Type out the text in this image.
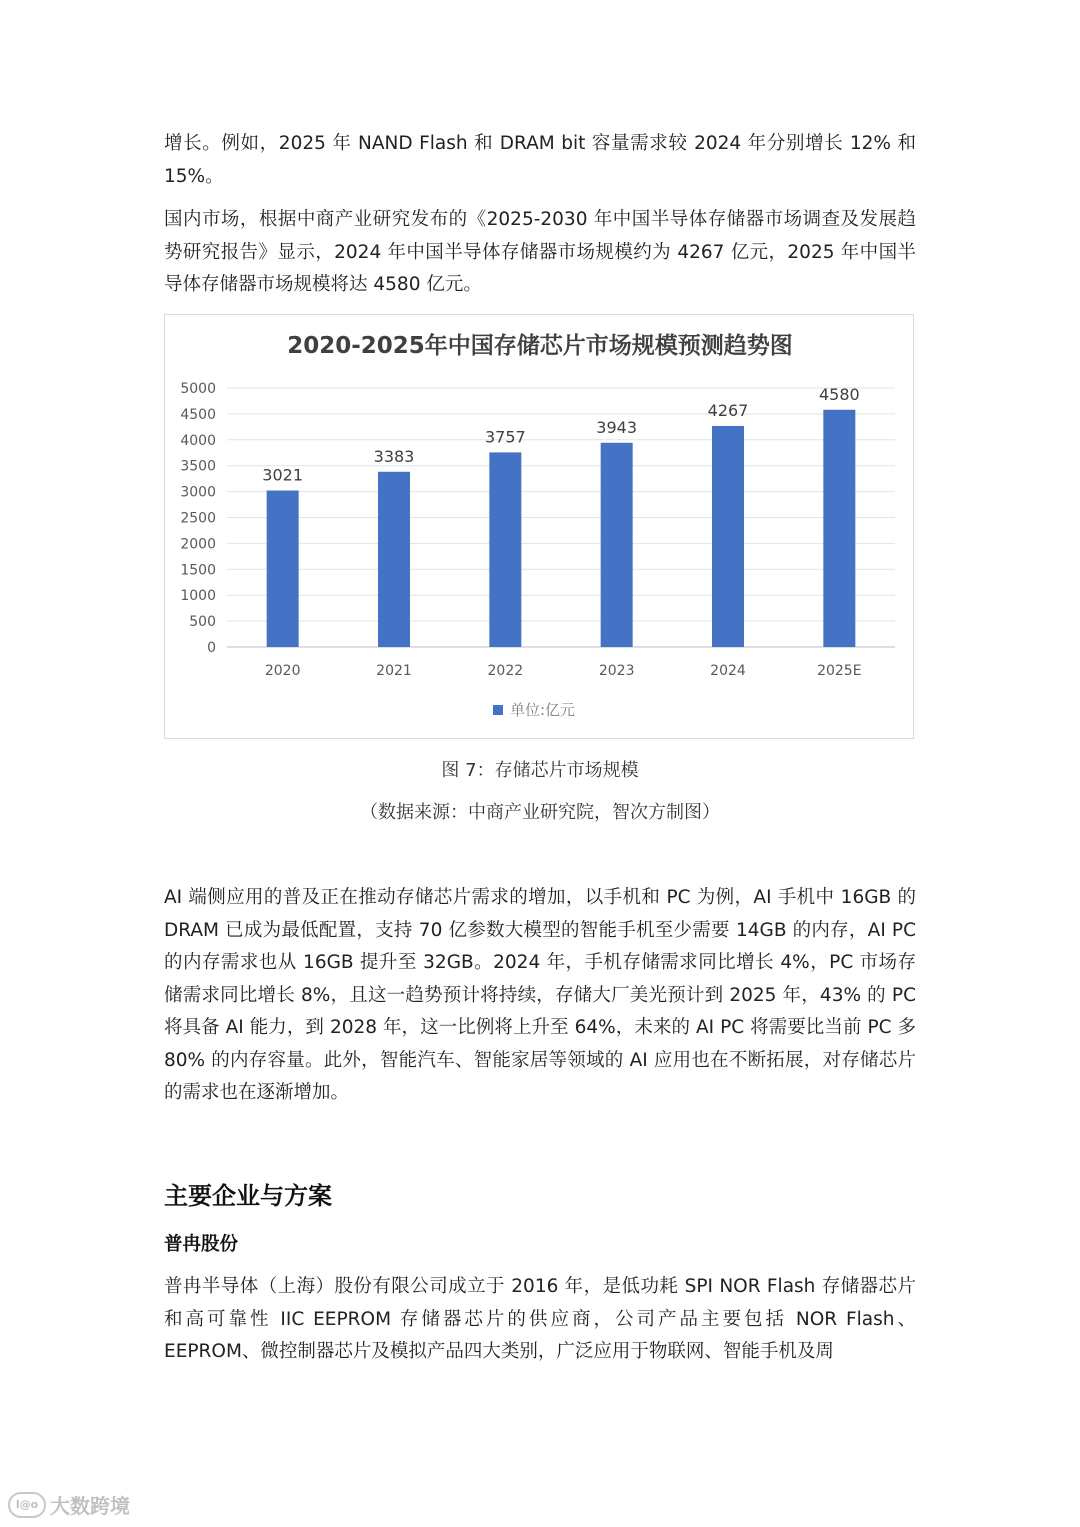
增长。例如，2025 年 NAND Flash 和 DRAM bit 容量需求较 2024 年分别增长 12% 和 15%。

国内市场，根据中商产业研究发布的《2025-2030 年中国半导体存储器市场调查及发展趋势研究报告》显示，2024 年中国半导体存储器市场规模约为 4267 亿元，2025 年中国半导体存储器市场规模将达 4580 亿元。

2020-2025年中国存储芯片市场规模预测趋势图
0
500
1000
1500
2000
2500
3000
3500
4000
4500
5000
2020	2021	2022	2023	2024	2025E
3021
3383
3757
3943
4267
4580
单位:亿元
图 7：存储芯片市场规模
（数据来源：中商产业研究院，智次方制图）

AI 端侧应用的普及正在推动存储芯片需求的增加，以手机和 PC 为例，AI 手机中 16GB 的 DRAM 已成为最低配置，支持 70 亿参数大模型的智能手机至少需要 14GB 的内存，AI PC 的内存需求也从 16GB 提升至 32GB。2024 年，手机存储需求同比增长 4%，PC 市场存储需求同比增长 8%，且这一趋势预计将持续，存储大厂美光预计到 2025 年，43% 的 PC 将具备 AI 能力，到 2028 年，这一比例将上升至 64%，未来的 AI PC 将需要比当前 PC 多 80% 的内存容量。此外，智能汽车、智能家居等领域的 AI 应用也在不断拓展，对存储芯片的需求也在逐渐增加。

主要企业与方案
普冉股份

普冉半导体（上海）股份有限公司成立于 2016 年，是低功耗 SPI NOR Flash 存储器芯片和高可靠性 IIC EEPROM 存储器芯片的供应商，公司产品主要包括 NOR Flash、EEPROM、微控制器芯片及模拟产品四大类别，广泛应用于物联网、智能手机及周

l@o 大数跨境
